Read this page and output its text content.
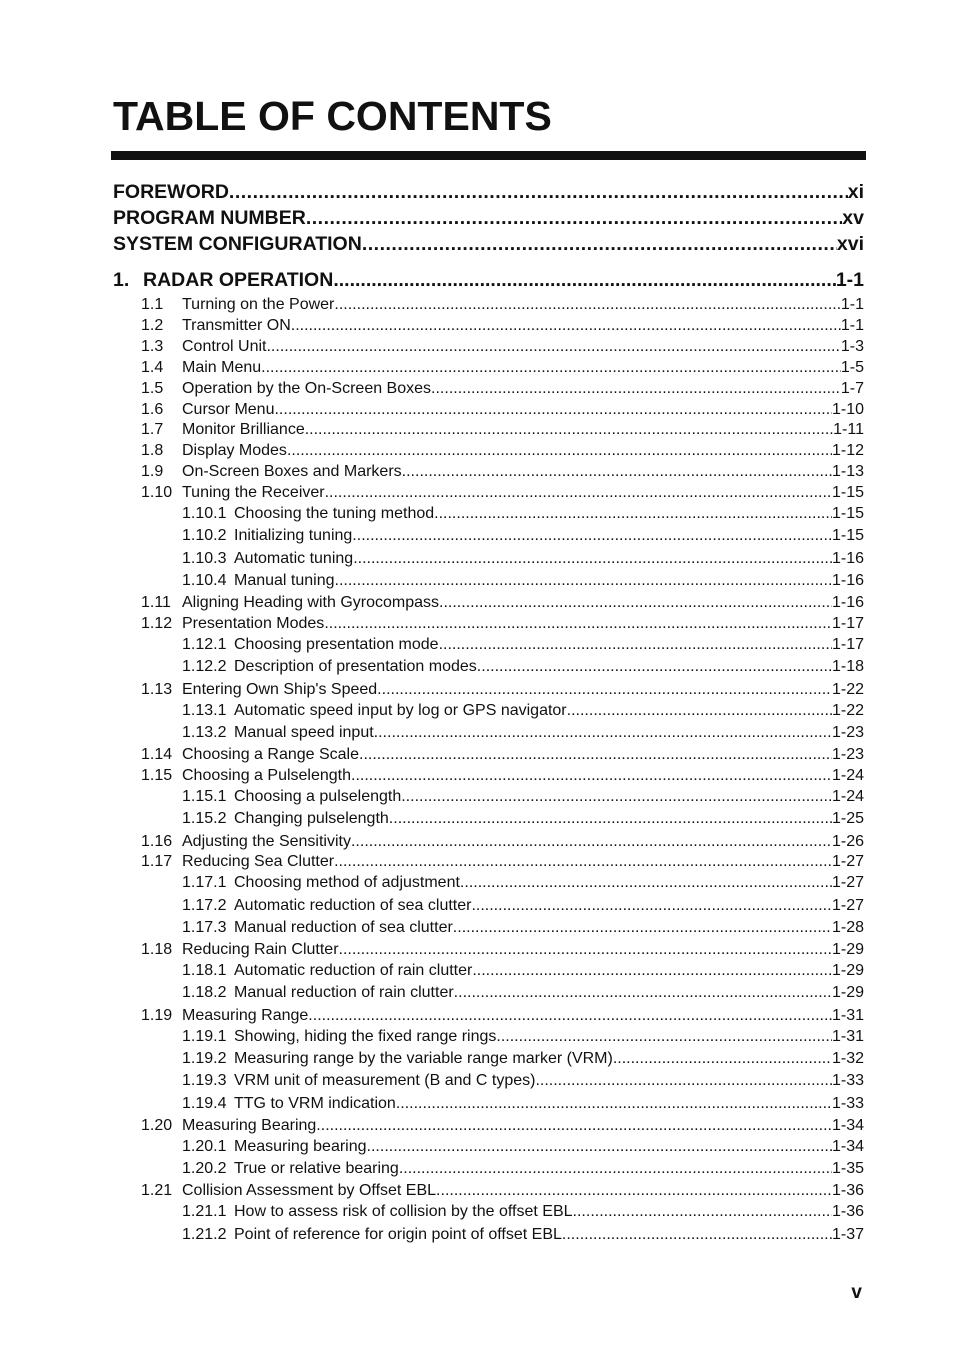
TABLE OF CONTENTS
FOREWORD .....	xi
PROGRAM NUMBER .....	xv
SYSTEM CONFIGURATION .....	xvi
1. RADAR OPERATION .....	1-1
1.1	Turning on the Power .....	1-1
1.2	Transmitter ON .....	1-1
1.3	Control Unit .....	1-3
1.4	Main Menu .....	1-5
1.5	Operation by the On-Screen Boxes .....	1-7
1.6	Cursor Menu .....	1-10
1.7	Monitor Brilliance .....	1-11
1.8	Display Modes .....	1-12
1.9	On-Screen Boxes and Markers .....	1-13
1.10 Tuning the Receiver .....	1-15
1.10.1 Choosing the tuning method .....	1-15
1.10.2 Initializing tuning .....	1-15
1.10.3 Automatic tuning .....	1-16
1.10.4 Manual tuning .....	1-16
1.11 Aligning Heading with Gyrocompass .....	1-16
1.12 Presentation Modes .....	1-17
1.12.1 Choosing presentation mode .....	1-17
1.12.2 Description of presentation modes .....	1-18
1.13 Entering Own Ship's Speed .....	1-22
1.13.1 Automatic speed input by log or GPS navigator .....	1-22
1.13.2 Manual speed input .....	1-23
1.14 Choosing a Range Scale .....	1-23
1.15 Choosing a Pulselength .....	1-24
1.15.1 Choosing a pulselength .....	1-24
1.15.2 Changing pulselength .....	1-25
1.16 Adjusting the Sensitivity .....	1-26
1.17 Reducing Sea Clutter .....	1-27
1.17.1 Choosing method of adjustment .....	1-27
1.17.2 Automatic reduction of sea clutter .....	1-27
1.17.3 Manual reduction of sea clutter .....	1-28
1.18 Reducing Rain Clutter .....	1-29
1.18.1 Automatic reduction of rain clutter .....	1-29
1.18.2 Manual reduction of rain clutter .....	1-29
1.19 Measuring Range .....	1-31
1.19.1 Showing, hiding the fixed range rings .....	1-31
1.19.2 Measuring range by the variable range marker (VRM) .....	1-32
1.19.3 VRM unit of measurement (B and C types) .....	1-33
1.19.4 TTG to VRM indication .....	1-33
1.20 Measuring Bearing .....	1-34
1.20.1 Measuring bearing .....	1-34
1.20.2 True or relative bearing .....	1-35
1.21 Collision Assessment by Offset EBL .....	1-36
1.21.1 How to assess risk of collision by the offset EBL .....	1-36
1.21.2 Point of reference for origin point of offset EBL .....	1-37
v
